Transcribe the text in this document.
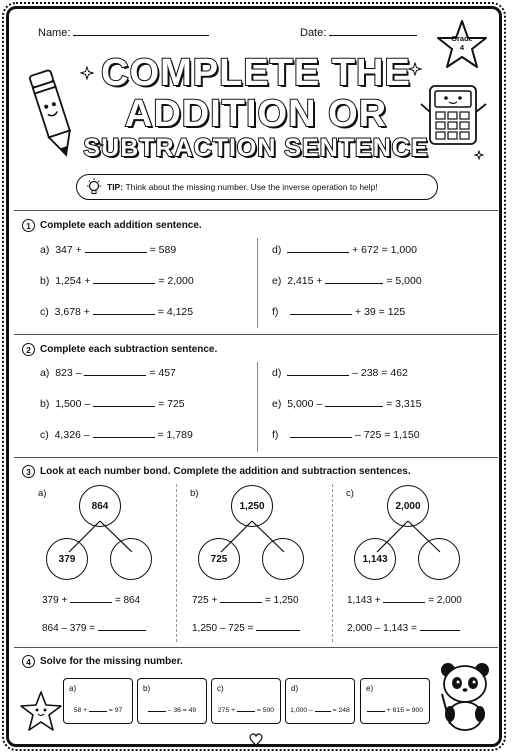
Name:	Date:	Grade
4
COMPLETE THE
ADDITION OR
SUBTRACTION SENTENCE
TIP:
Think about the missing number. Use the inverse operation to help!
1 Complete each addition sentence.
a) 347 +	= 589
b) 1,254 +	= 2,000
c) 3,678 +	= 4,125
d)	+ 672 = 1,000
e) 2,415 +	= 5,000
f)	+ 39 = 125
2 Complete each subtraction sentence.
a) 823 –	= 457
b) 1,500 –	= 725
c) 4,326 –	= 1,789
d)	– 238 = 462
e) 5,000 –	= 3,315
f)	– 725 = 1,150
3 Look at each number bond. Complete the addition and subtraction sentences.
a)
864
379
379 +	= 864
864 – 379 =
b)
1,250
725
725 +	= 1,250
1,250 – 725 =
c)
2,000
1,143
1,143 +	= 2,000
2,000 – 1,143 =
4 Solve for the missing number.
a)
58 +	= 97
b)
– 36 = 49
c)
275 +	= 500
d)
1,000 –	= 248
e)
+ 615 = 900
